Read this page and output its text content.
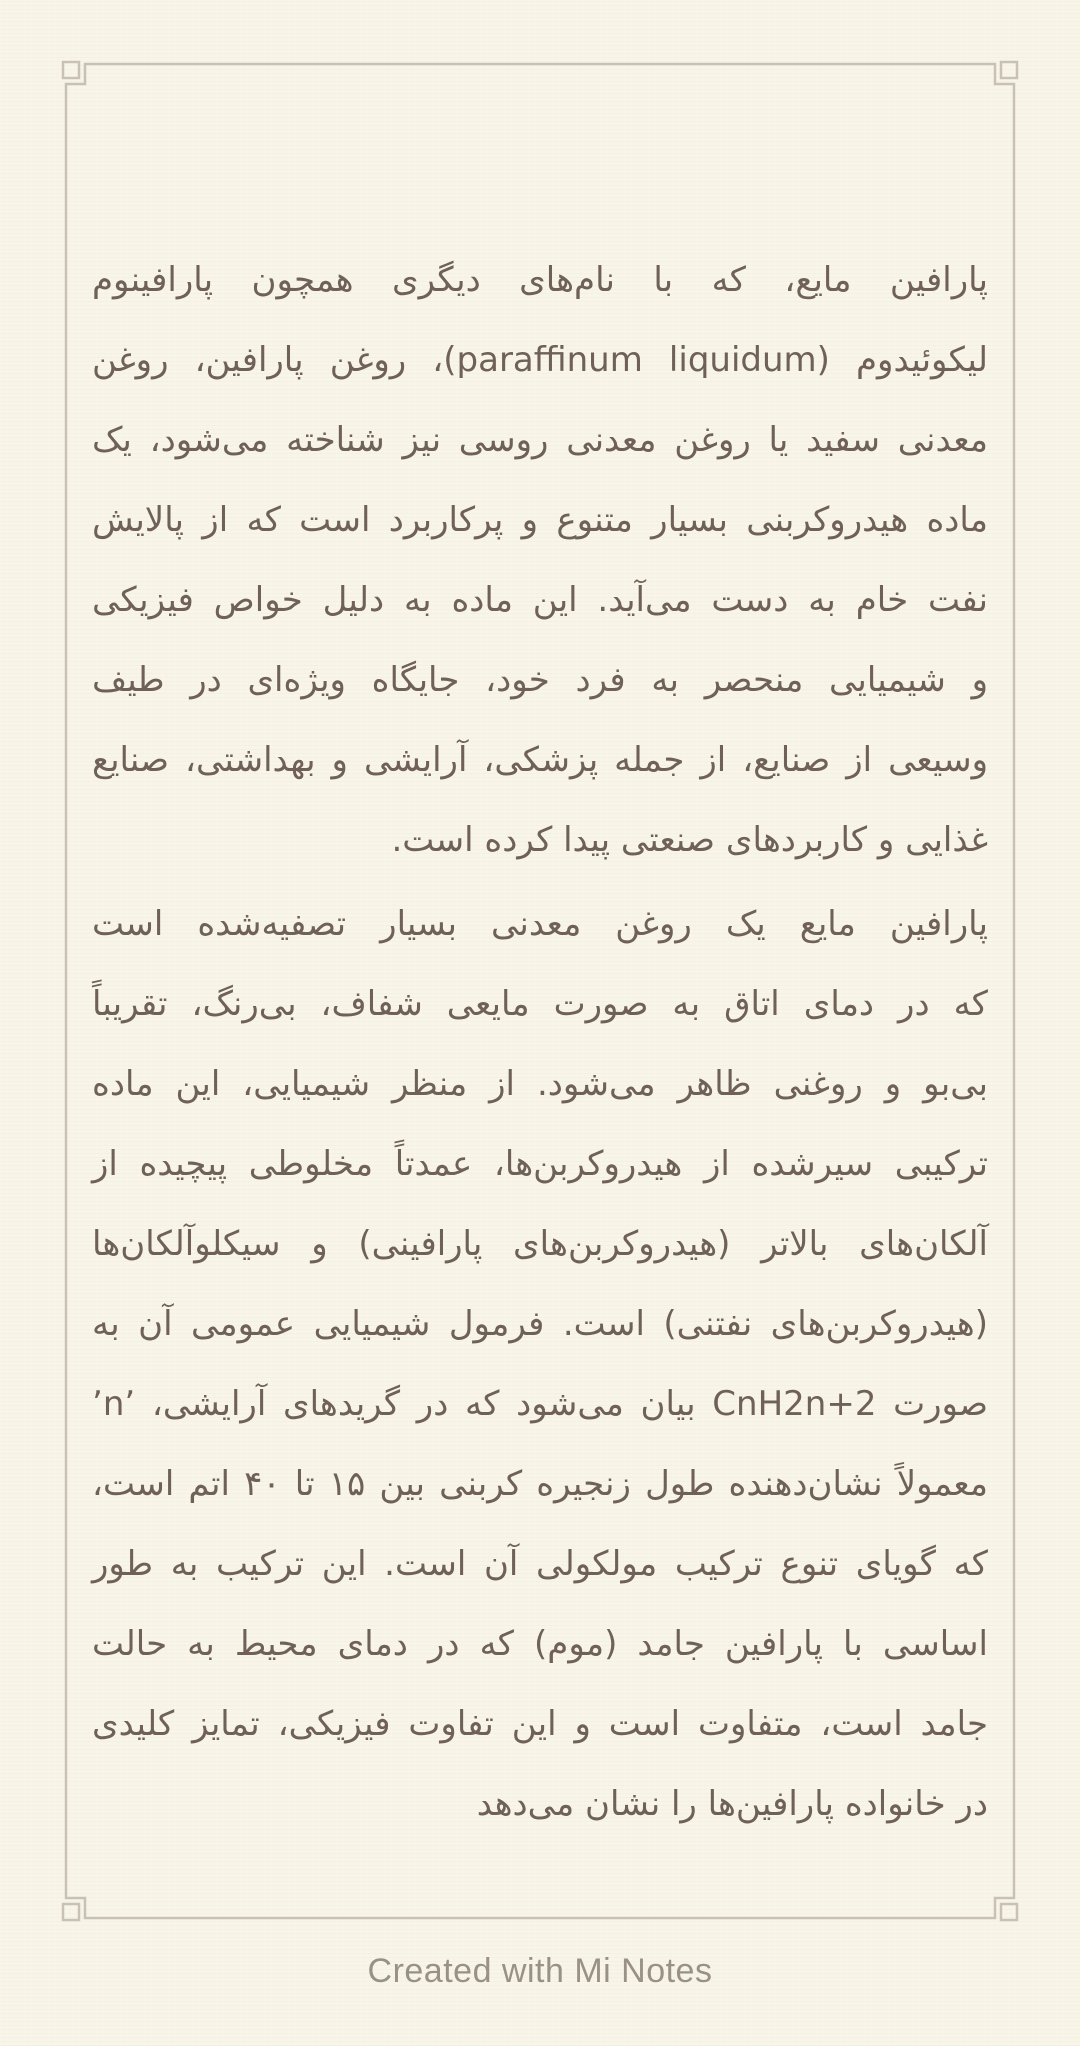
پارافین مایع، که با نام‌های دیگری همچون پارافینوم
لیکوئیدوم (paraffinum liquidum)، روغن پارافین، روغن
معدنی سفید یا روغن معدنی روسی نیز شناخته می‌شود، یک
ماده هیدروکربنی بسیار متنوع و پرکاربرد است که از پالایش
نفت خام به دست می‌آید. این ماده به دلیل خواص فیزیکی
و شیمیایی منحصر به فرد خود، جایگاه ویژه‌ای در طیف
وسیعی از صنایع، از جمله پزشکی، آرایشی و بهداشتی، صنایع
غذایی و کاربردهای صنعتی پیدا کرده است.

پارافین مایع یک روغن معدنی بسیار تصفیه‌شده است
که در دمای اتاق به صورت مایعی شفاف، بی‌رنگ، تقریباً
بی‌بو و روغنی ظاهر می‌شود. از منظر شیمیایی، این ماده
ترکیبی سیرشده از هیدروکربن‌ها، عمدتاً مخلوطی پیچیده از
آلکان‌های بالاتر (هیدروکربن‌های پارافینی) و سیکلوآلکان‌ها
(هیدروکربن‌های نفتنی) است. فرمول شیمیایی عمومی آن به
صورت CnH2n+2 بیان می‌شود که در گریدهای آرایشی، ’n’
معمولاً نشان‌دهنده طول زنجیره کربنی بین ۱۵ تا ۴۰ اتم است،
که گویای تنوع ترکیب مولکولی آن است. این ترکیب به طور
اساسی با پارافین جامد (موم) که در دمای محیط به حالت
جامد است، متفاوت است و این تفاوت فیزیکی، تمایز کلیدی
در خانواده پارافین‌ها را نشان می‌دهد

Created with Mi Notes
